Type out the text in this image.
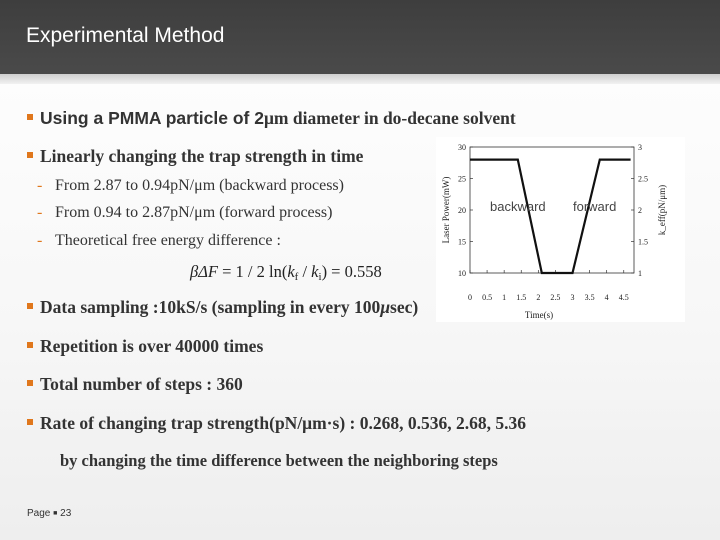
Experimental Method
Using a PMMA particle of 2μm diameter in do-decane solvent
Linearly changing the trap strength in time
- From 2.87 to 0.94pN/μm (backward process)
- From 0.94 to 2.87pN/μm (forward process)
- Theoretical free energy difference :
βΔF = 1 / 2 $\ln(k_f / k_i) = 0.558$
Data sampling :10kS/s (sampling in every 100μsec)
Repetition is over 40000 times
Total number of steps : 360
Rate of changing trap strength(pN/μm·s) : 0.268, 0.536, 2.68, 5.36
by changing the time difference between the neighboring steps
0 0.5 1 1.5 2 2.5 3 3.5 4 4.5
30
25
20
15
10
3
2.5
2
1.5
1
backward forward
Time(s)
Laser Power(mW)	k_eff(pN/μm)
Page ■ 23
